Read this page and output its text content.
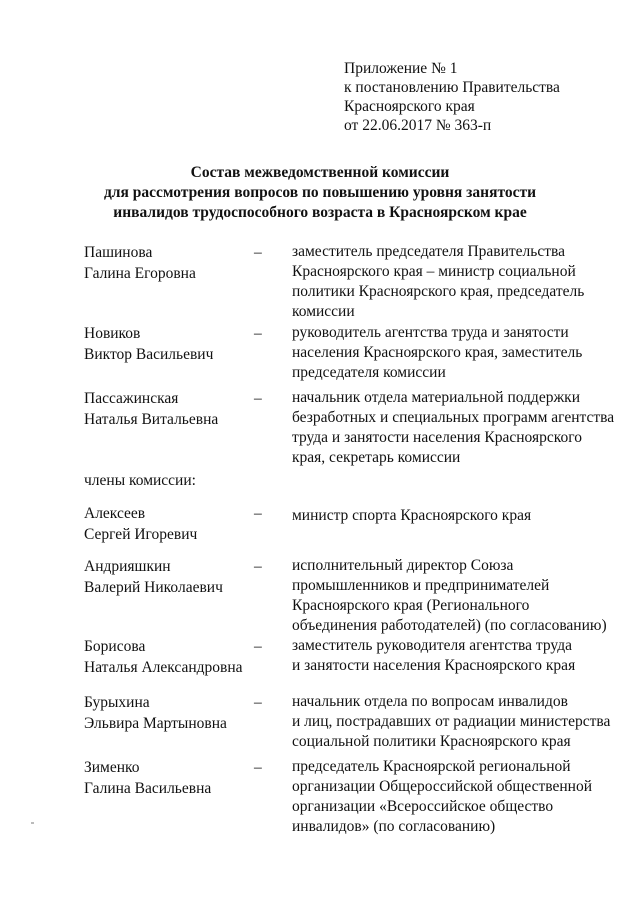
Приложение № 1
к постановлению Правительства
Красноярского края
от 22.06.2017 № 363-п
Состав межведомственной комиссии
для рассмотрения вопросов по повышению уровня занятости
инвалидов трудоспособного возраста в Красноярском крае
Пашинова
Галина Егоровна
– заместитель председателя Правительства
Красноярского края – министр социальной
политики Красноярского края, председатель
комиссии
Новиков
Виктор Васильевич
– руководитель агентства труда и занятости
населения Красноярского края, заместитель
председателя комиссии
Пассажинская
Наталья Витальевна
– начальник отдела материальной поддержки
безработных и специальных программ агентства
труда и занятости населения Красноярского
края, секретарь комиссии
члены комиссии:
Алексеев
Сергей Игоревич
– министр спорта Красноярского края
Андрияшкин
Валерий Николаевич
– исполнительный директор Союза
промышленников и предпринимателей
Красноярского края (Регионального
объединения работодателей) (по согласованию)
Борисова
Наталья Александровна
– заместитель руководителя агентства труда
и занятости населения Красноярского края
Бурыхина
Эльвира Мартыновна
– начальник отдела по вопросам инвалидов
и лиц, пострадавших от радиации министерства
социальной политики Красноярского края
Зименко
Галина Васильевна
– председатель Красноярской региональной
организации Общероссийской общественной
организации «Всероссийское общество
инвалидов» (по согласованию)
